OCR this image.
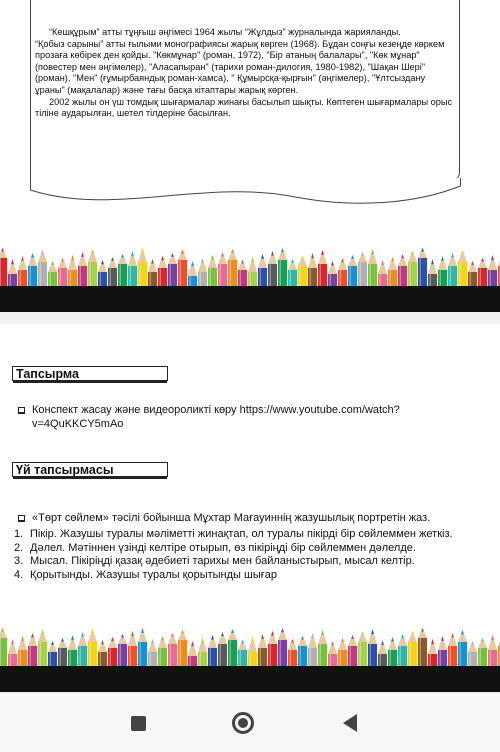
“Кешқұрым” атты тұңғыш әңгімесі 1964 жылы “Жұлдыз” журналында жарияланды.

“Қобыз сарыны” атты ғылыми монографиясы жарық көрген (1968). Бұдан соңғы кезеңде көркем прозаға көбірек ден қойды. "Көкмұнар" (роман, 1972), "Бір атаның балалары", "Көк мұнар" (повестер мен әңгімелер), "Аласапыран" (тарихи роман-дилогия, 1980-1982), "Шақан Шері" (роман), "Мен" (ғұмырбаяндық роман-хамса), " Құмырсқа-қырғын" (әңгімелер), "Ұлтсыздану ұраны" (мақалалар) және тағы басқа кітаптары жарық көрген.

2002 жылы он үш томдық шығармалар жинағы басылып шықты. Көптеген шығармалары орыс тіліне аударылған, шетел тілдеріне басылған.

Тапсырма
Конспект жасау және видеороликті көру https://www.youtube.com/watch?v=4QuKKCY5mAo
Үй тапсырмасы
«Төрт сөйлем» тәсілі бойынша Мұхтар Мағауиннің жазушылық портретін жаз.
1. Пікір. Жазушы туралы мәліметті жинақтап, ол туралы пікірді бір сөйлеммен жеткіз.
2. Дәлел. Мәтіннен үзінді келтіре отырып, өз пікіріңді бір сөйлеммен дәлелде.
3. Мысал. Пікіріңді қазақ әдебиеті тарихы мен байланыстырып, мысал келтір.
4. Қорытынды. Жазушы туралы қорытынды шығар
